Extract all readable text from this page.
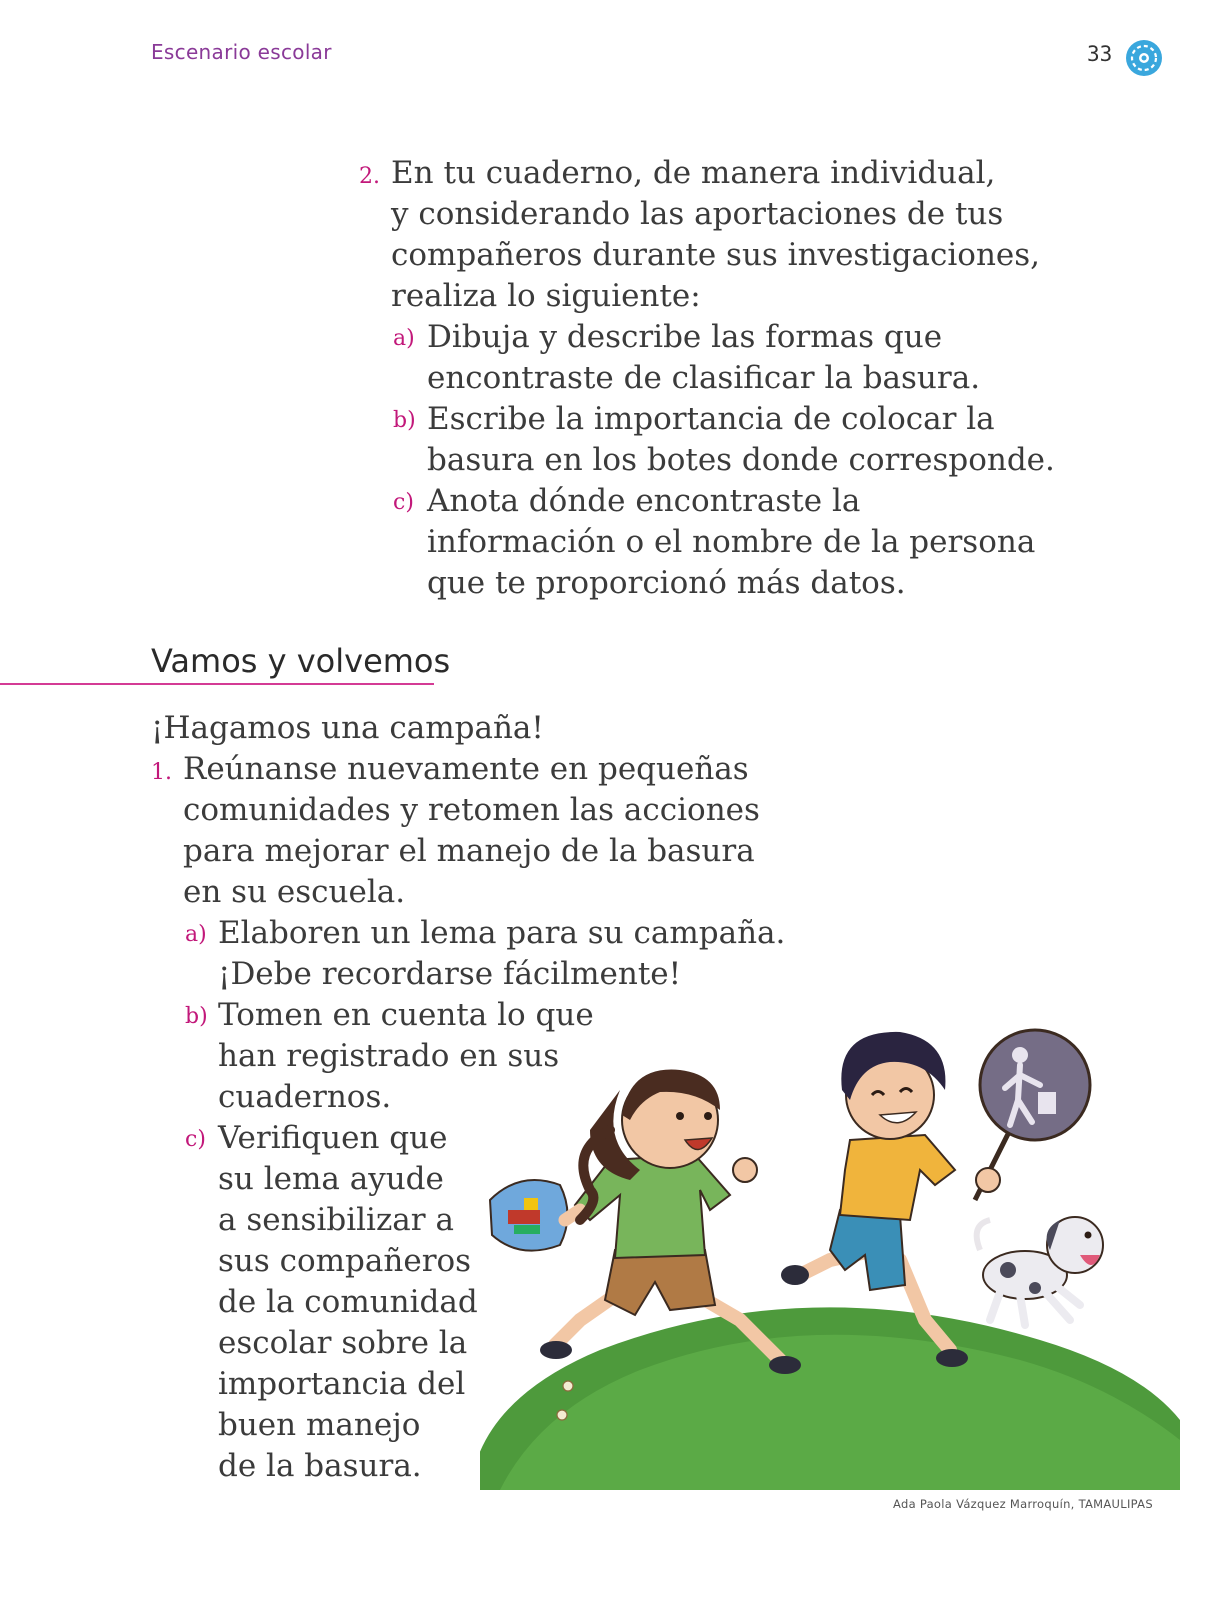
Escenario escolar	33
2. En tu cuaderno, de manera individual,
y considerando las aportaciones de tus
compañeros durante sus investigaciones,
realiza lo siguiente:
a) Dibuja y describe las formas que
encontraste de clasificar la basura.
b) Escribe la importancia de colocar la
basura en los botes donde corresponde.
c) Anota dónde encontraste la
información o el nombre de la persona
que te proporcionó más datos.
Vamos y volvemos
¡Hagamos una campaña!
1. Reúnanse nuevamente en pequeñas
comunidades y retomen las acciones
para mejorar el manejo de la basura
en su escuela.
a) Elaboren un lema para su campaña.
¡Debe recordarse fácilmente!
b) Tomen en cuenta lo que
han registrado en sus
cuadernos.
c) Verifiquen que
su lema ayude
a sensibilizar a
sus compañeros
de la comunidad
escolar sobre la
importancia del
buen manejo
de la basura.
Ada Paola Vázquez Marroquín, TAMAULIPAS
